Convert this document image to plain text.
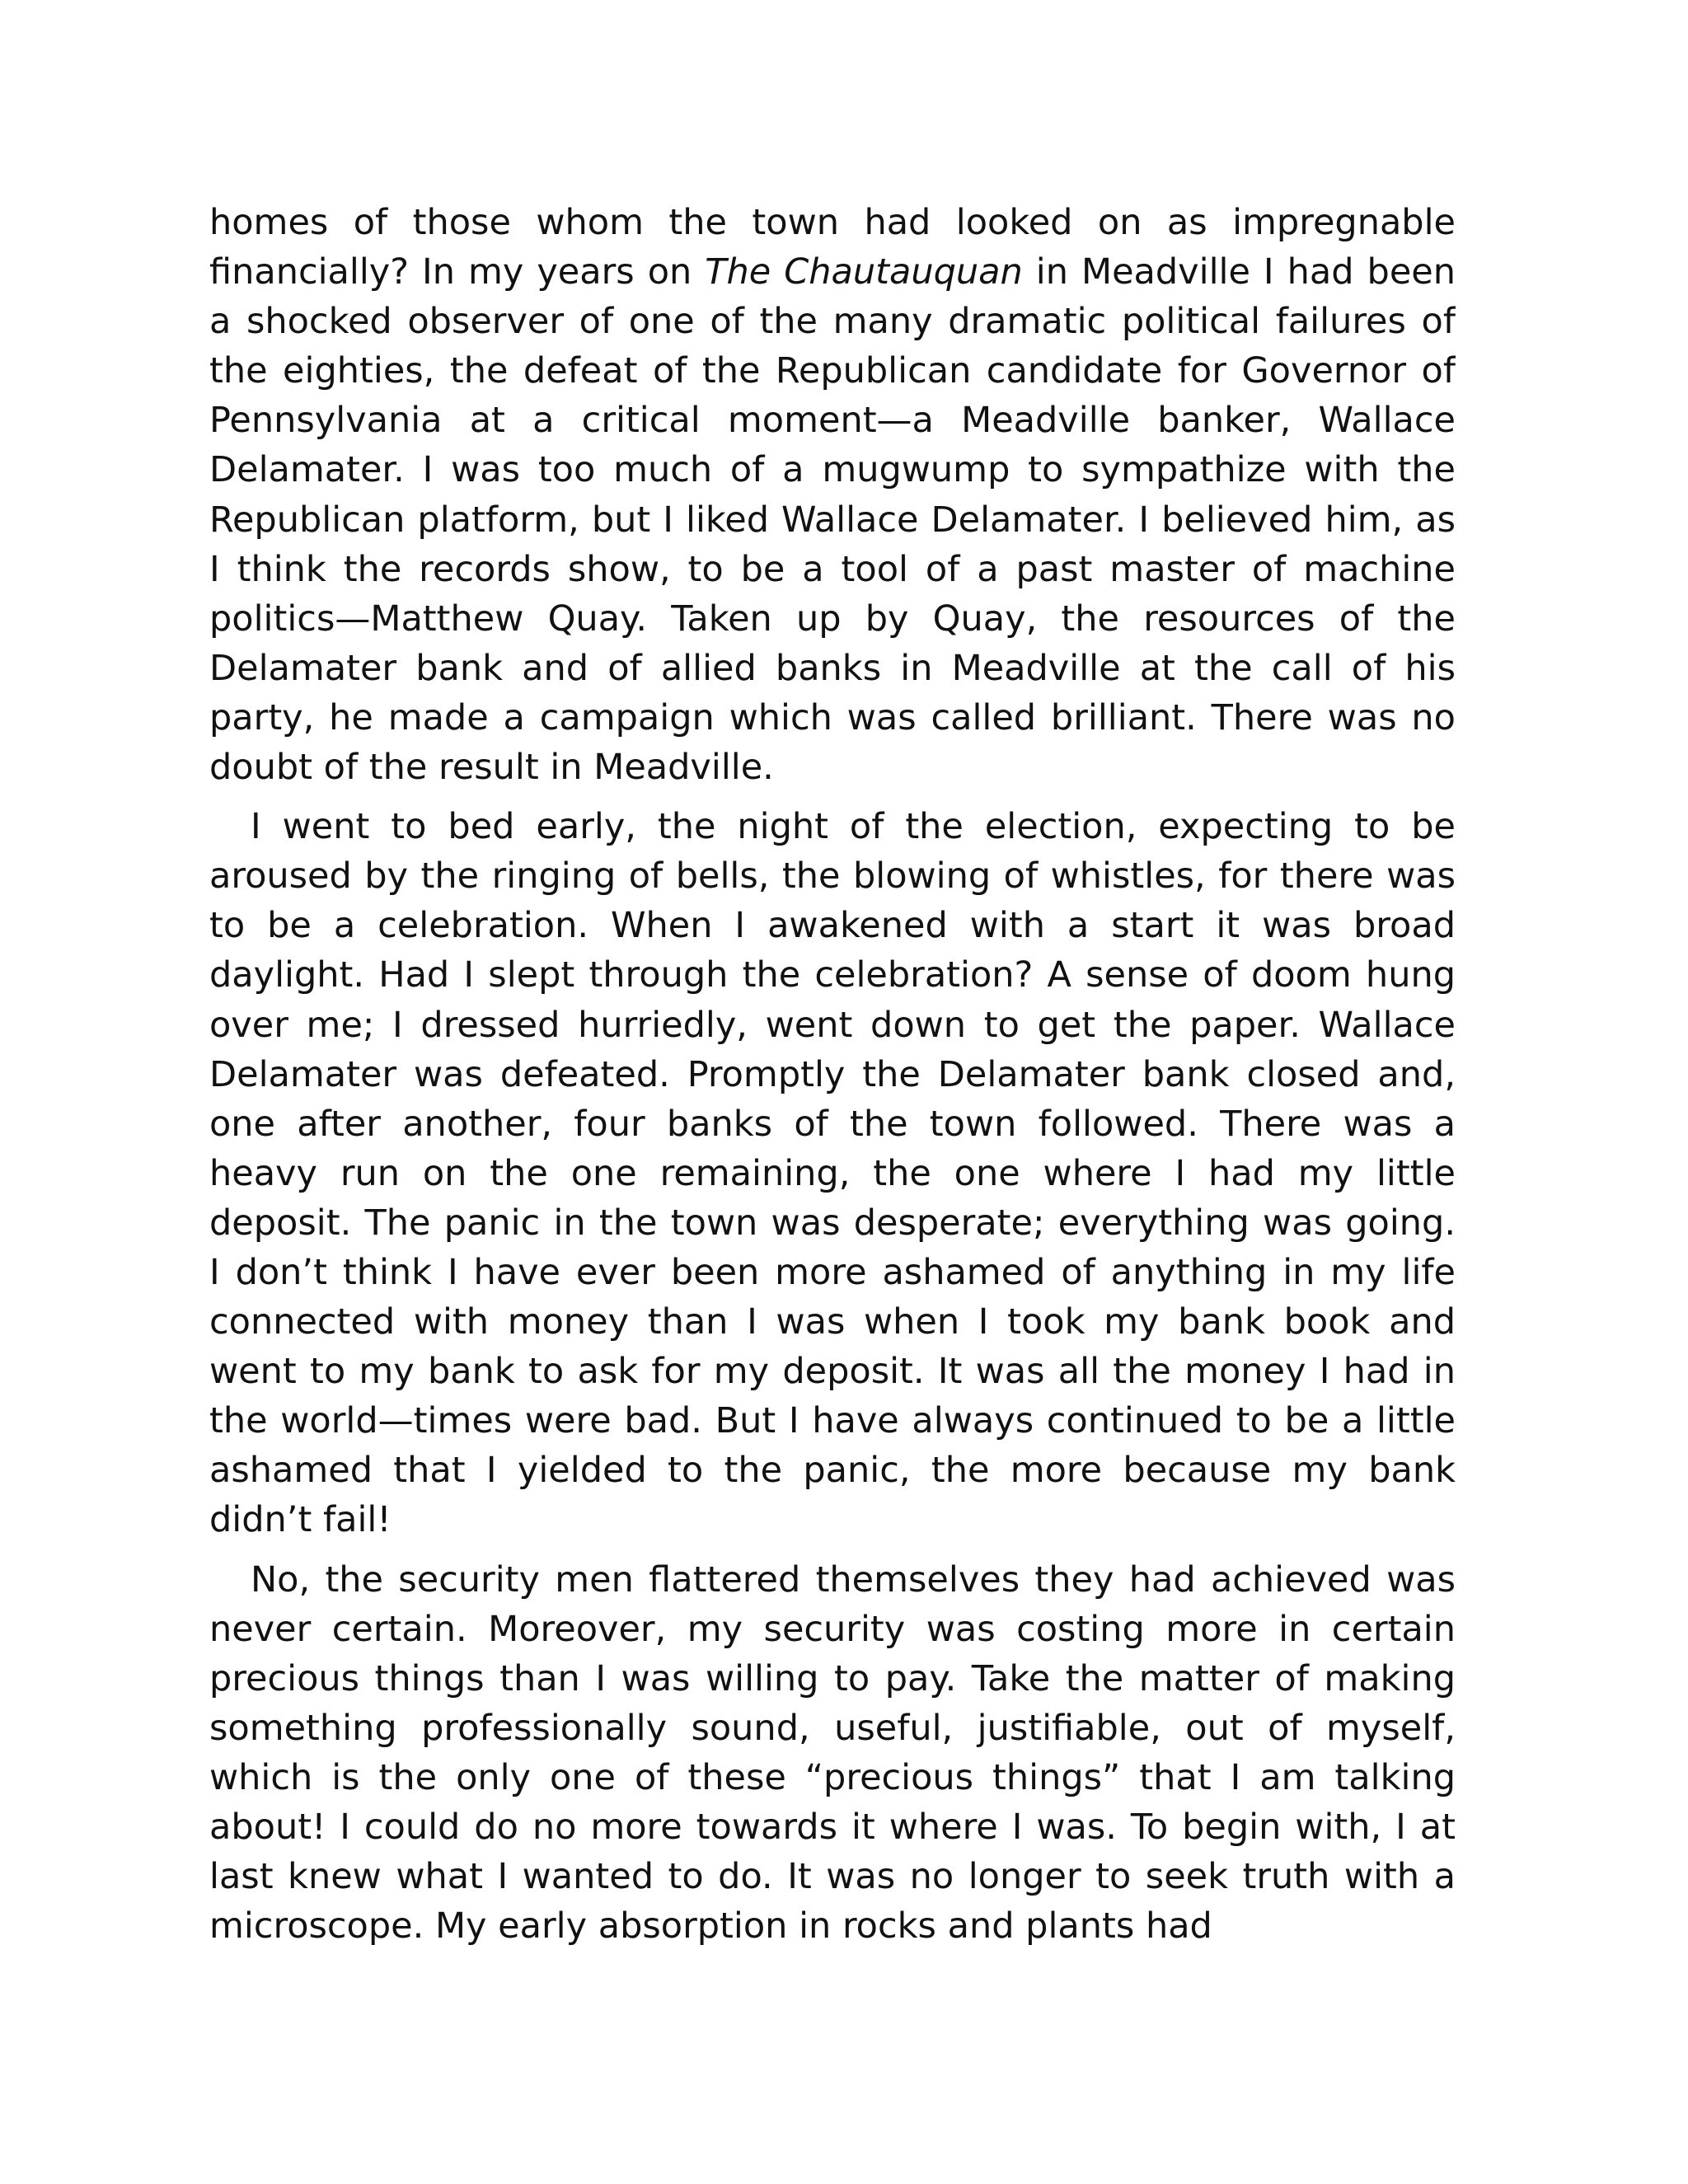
homes of those whom the town had looked on as impregnable financially? In my years on The Chautauquan in Meadville I had been a shocked observer of one of the many dramatic political failures of the eighties, the defeat of the Republican candidate for Governor of Pennsylvania at a critical moment—a Meadville banker, Wallace Delamater. I was too much of a mugwump to sympathize with the Republican platform, but I liked Wallace Delamater. I believed him, as I think the records show, to be a tool of a past master of machine politics—Matthew Quay. Taken up by Quay, the resources of the Delamater bank and of allied banks in Meadville at the call of his party, he made a campaign which was called brilliant. There was no doubt of the result in Meadville.

I went to bed early, the night of the election, expecting to be aroused by the ringing of bells, the blowing of whistles, for there was to be a celebration. When I awakened with a start it was broad daylight. Had I slept through the celebration? A sense of doom hung over me; I dressed hurriedly, went down to get the paper. Wallace Delamater was defeated. Promptly the Delamater bank closed and, one after another, four banks of the town followed. There was a heavy run on the one remaining, the one where I had my little deposit. The panic in the town was desperate; everything was going. I don’t think I have ever been more ashamed of anything in my life connected with money than I was when I took my bank book and went to my bank to ask for my deposit. It was all the money I had in the world—times were bad. But I have always continued to be a little ashamed that I yielded to the panic, the more because my bank didn’t fail!

No, the security men flattered themselves they had achieved was never certain. Moreover, my security was costing more in certain precious things than I was willing to pay. Take the matter of making something professionally sound, useful, justifiable, out of myself, which is the only one of these “precious things” that I am talking about! I could do no more towards it where I was. To begin with, I at last knew what I wanted to do. It was no longer to seek truth with a microscope. My early absorption in rocks and plants had
